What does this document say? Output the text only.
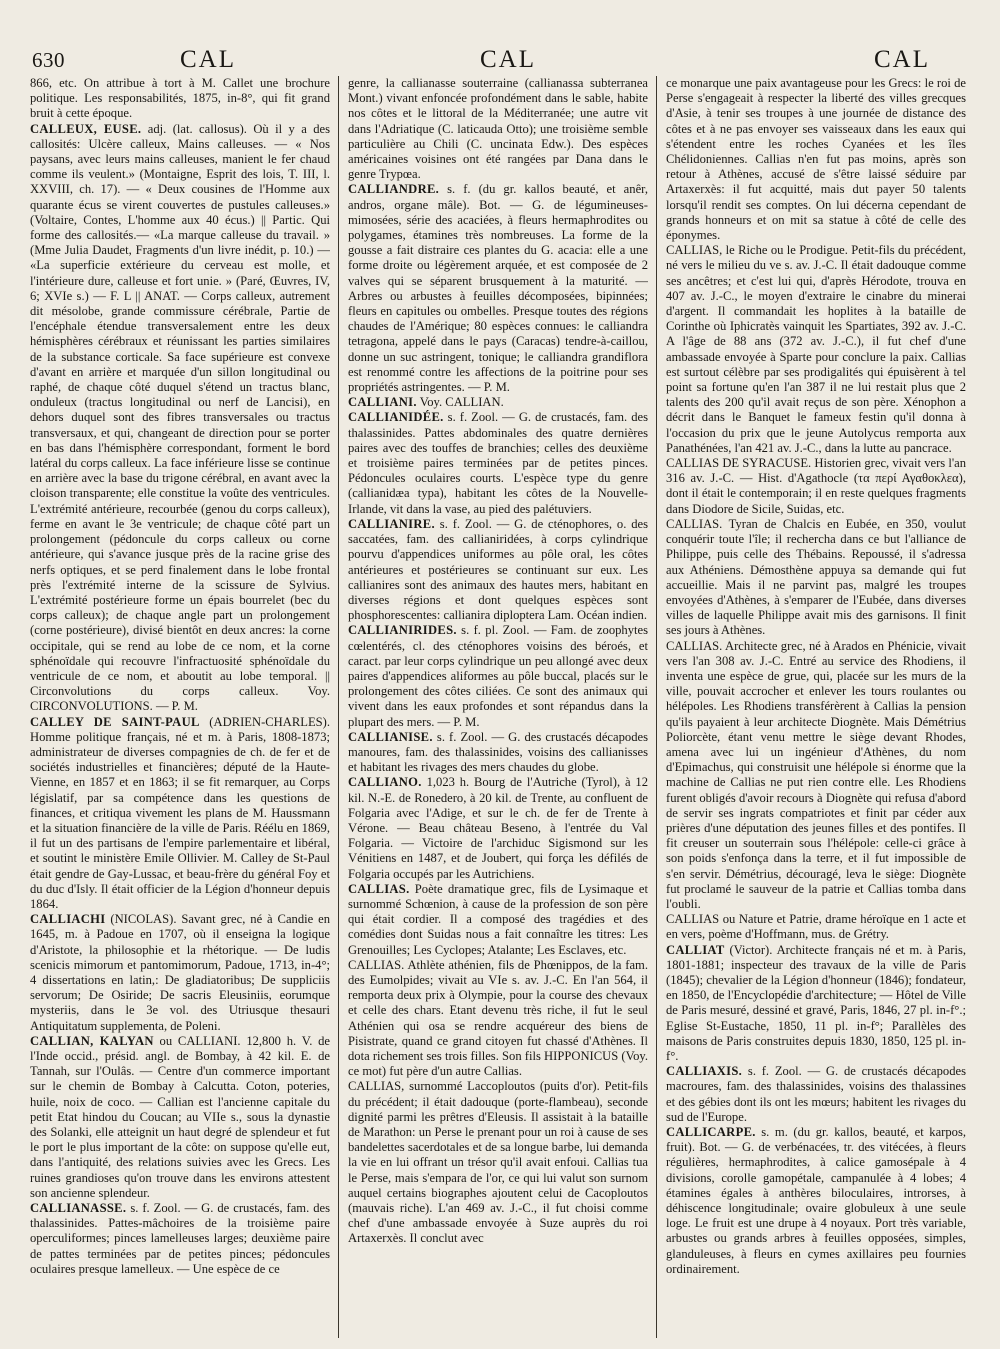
630	CAL	CAL	CAL

866, etc. On attribue à tort à M. Callet une brochure politique. Les responsabilités, 1875, in-8°, qui fit grand bruit à cette époque.

CALLEUX, EUSE. adj. (lat. callosus). Où il y a des callosités: Ulcère calleux, Mains calleuses. — « Nos paysans, avec leurs mains calleuses, manient le fer chaud comme ils veulent.» (Montaigne, Esprit des lois, T. III, l. XXVIII, ch. 17). — « Deux cousines de l'Homme aux quarante écus se virent couvertes de pustules calleuses.» (Voltaire, Contes, L'homme aux 40 écus.) || Partic. Qui forme des callosités.— «La marque calleuse du travail. » (Mme Julia Daudet, Fragments d'un livre inédit, p. 10.) — «La superficie extérieure du cerveau est molle, et l'intérieure dure, calleuse et fort unie. » (Paré, Œuvres, IV, 6; XVIe s.) — F. L || ANAT. — Corps calleux, autrement dit mésolobe, grande commissure cérébrale, Partie de l'encéphale étendue transversalement entre les deux hémisphères cérébraux et réunissant les parties similaires de la substance corticale. Sa face supérieure est convexe d'avant en arrière et marquée d'un sillon longitudinal ou raphé, de chaque côté duquel s'étend un tractus blanc, onduleux (tractus longitudinal ou nerf de Lancisi), en dehors duquel sont des fibres transversales ou tractus transversaux, et qui, changeant de direction pour se porter en bas dans l'hémisphère correspondant, forment le bord latéral du corps calleux. La face inférieure lisse se continue en arrière avec la base du trigone cérébral, en avant avec la cloison transparente; elle constitue la voûte des ventricules. L'extrémité antérieure, recourbée (genou du corps calleux), ferme en avant le 3e ventricule; de chaque côté part un prolongement (pédoncule du corps calleux ou corne antérieure, qui s'avance jusque près de la racine grise des nerfs optiques, et se perd finalement dans le lobe frontal près l'extrémité interne de la scissure de Sylvius. L'extrémité postérieure forme un épais bourrelet (bec du corps calleux); de chaque angle part un prolongement (corne postérieure), divisé bientôt en deux ancres: la corne occipitale, qui se rend au lobe de ce nom, et la corne sphénoïdale qui recouvre l'infractuosité sphénoïdale du ventricule de ce nom, et aboutit au lobe temporal. || Circonvolutions du corps calleux. Voy. CIRCONVOLUTIONS. — P. M.

CALLEY DE SAINT-PAUL (ADRIEN-CHARLES). Homme politique français, né et m. à Paris, 1808-1873; administrateur de diverses compagnies de ch. de fer et de sociétés industrielles et financières; député de la Haute-Vienne, en 1857 et en 1863; il se fit remarquer, au Corps législatif, par sa compétence dans les questions de finances, et critiqua vivement les plans de M. Haussmann et la situation financière de la ville de Paris. Réélu en 1869, il fut un des partisans de l'empire parlementaire et libéral, et soutint le ministère Emile Ollivier. M. Calley de St-Paul était gendre de Gay-Lussac, et beau-frère du général Foy et du duc d'Isly. Il était officier de la Légion d'honneur depuis 1864.

CALLIACHI (NICOLAS). Savant grec, né à Candie en 1645, m. à Padoue en 1707, où il enseigna la logique d'Aristote, la philosophie et la rhétorique. — De ludis scenicis mimorum et pantomimorum, Padoue, 1713, in-4°; 4 dissertations en latin,: De gladiatoribus; De suppliciis servorum; De Osiride; De sacris Eleusiniis, eorumque mysteriis, dans le 3e vol. des Utriusque thesauri Antiquitatum supplementa, de Poleni.

CALLIAN, KALYAN ou CALLIANI. 12,800 h. V. de l'Inde occid., présid. angl. de Bombay, à 42 kil. E. de Tannah, sur l'Oulâs. — Centre d'un commerce important sur le chemin de Bombay à Calcutta. Coton, poteries, huile, noix de coco. — Callian est l'ancienne capitale du petit Etat hindou du Coucan; au VIIe s., sous la dynastie des Solanki, elle atteignit un haut degré de splendeur et fut le port le plus important de la côte: on suppose qu'elle eut, dans l'antiquité, des relations suivies avec les Grecs. Les ruines grandioses qu'on trouve dans les environs attestent son ancienne splendeur.

CALLIANASSE. s. f. Zool. — G. de crustacés, fam. des thalassinides. Pattes-mâchoires de la troisième paire operculiformes; pinces lamelleuses larges; deuxième paire de pattes terminées par de petites pinces; pédoncules oculaires presque lamelleux. — Une espèce de ce

genre, la callianasse souterraine (callianassa subterranea Mont.) vivant enfoncée profondément dans le sable, habite nos côtes et le littoral de la Méditerranée; une autre vit dans l'Adriatique (C. laticauda Otto); une troisième semble particulière au Chili (C. uncinata Edw.). Des espèces américaines voisines ont été rangées par Dana dans le genre Trypœa.

CALLIANDRE. s. f. (du gr. kallos beauté, et anêr, andros, organe mâle). Bot. — G. de légumineuses-mimosées, série des acaciées, à fleurs hermaphrodites ou polygames, étamines très nombreuses. La forme de la gousse a fait distraire ces plantes du G. acacia: elle a une forme droite ou légèrement arquée, et est composée de 2 valves qui se séparent brusquement à la maturité. — Arbres ou arbustes à feuilles décomposées, bipinnées; fleurs en capitules ou ombelles. Presque toutes des régions chaudes de l'Amérique; 80 espèces connues: le calliandra tetragona, appelé dans le pays (Caracas) tendre-à-caillou, donne un suc astringent, tonique; le calliandra grandiflora est renommé contre les affections de la poitrine pour ses propriétés astringentes. — P. M.

CALLIANI. Voy. CALLIAN.

CALLIANIDÉE. s. f. Zool. — G. de crustacés, fam. des thalassinides. Pattes abdominales des quatre dernières paires avec des touffes de branchies; celles des deuxième et troisième paires terminées par de petites pinces. Pédoncules oculaires courts. L'espèce type du genre (callianidæa typa), habitant les côtes de la Nouvelle-Irlande, vit dans la vase, au pied des palétuviers.

CALLIANIRE. s. f. Zool. — G. de cténophores, o. des saccatées, fam. des callianiridées, à corps cylindrique pourvu d'appendices uniformes au pôle oral, les côtes antérieures et postérieures se continuant sur eux. Les callianires sont des animaux des hautes mers, habitant en diverses régions et dont quelques espèces sont phosphorescentes: callianira diploptera Lam. Océan indien.

CALLIANIRIDES. s. f. pl. Zool. — Fam. de zoophytes cœlentérés, cl. des cténophores voisins des béroés, et caract. par leur corps cylindrique un peu allongé avec deux paires d'appendices aliformes au pôle buccal, placés sur le prolongement des côtes ciliées. Ce sont des animaux qui vivent dans les eaux profondes et sont répandus dans la plupart des mers. — P. M.

CALLIANISE. s. f. Zool. — G. des crustacés décapodes manoures, fam. des thalassinides, voisins des callianisses et habitant les rivages des mers chaudes du globe.

CALLIANO. 1,023 h. Bourg de l'Autriche (Tyrol), à 12 kil. N.-E. de Ronedero, à 20 kil. de Trente, au confluent de Folgaria avec l'Adige, et sur le ch. de fer de Trente à Vérone. — Beau château Beseno, à l'entrée du Val Folgaria. — Victoire de l'archiduc Sigismond sur les Vénitiens en 1487, et de Joubert, qui força les défilés de Folgaria occupés par les Autrichiens.

CALLIAS. Poète dramatique grec, fils de Lysimaque et surnommé Schœnion, à cause de la profession de son père qui était cordier. Il a composé des tragédies et des comédies dont Suidas nous a fait connaître les titres: Les Grenouilles; Les Cyclopes; Atalante; Les Esclaves, etc.

CALLIAS. Athlète athénien, fils de Phœnippos, de la fam. des Eumolpides; vivait au VIe s. av. J.-C. En l'an 564, il remporta deux prix à Olympie, pour la course des chevaux et celle des chars. Etant devenu très riche, il fut le seul Athénien qui osa se rendre acquéreur des biens de Pisistrate, quand ce grand citoyen fut chassé d'Athènes. Il dota richement ses trois filles. Son fils HIPPONICUS (Voy. ce mot) fut père d'un autre Callias.

CALLIAS, surnommé Laccoploutos (puits d'or). Petit-fils du précédent; il était dadouque (porte-flambeau), seconde dignité parmi les prêtres d'Eleusis. Il assistait à la bataille de Marathon: un Perse le prenant pour un roi à cause de ses bandelettes sacerdotales et de sa longue barbe, lui demanda la vie en lui offrant un trésor qu'il avait enfoui. Callias tua le Perse, mais s'empara de l'or, ce qui lui valut son surnom auquel certains biographes ajoutent celui de Cacoploutos (mauvais riche). L'an 469 av. J.-C., il fut choisi comme chef d'une ambassade envoyée à Suze auprès du roi Artaxerxès. Il conclut avec

ce monarque une paix avantageuse pour les Grecs: le roi de Perse s'engageait à respecter la liberté des villes grecques d'Asie, à tenir ses troupes à une journée de distance des côtes et à ne pas envoyer ses vaisseaux dans les eaux qui s'étendent entre les roches Cyanées et les îles Chélidoniennes. Callias n'en fut pas moins, après son retour à Athènes, accusé de s'être laissé séduire par Artaxerxès: il fut acquitté, mais dut payer 50 talents lorsqu'il rendit ses comptes. On lui décerna cependant de grands honneurs et on mit sa statue à côté de celle des éponymes.

CALLIAS, le Riche ou le Prodigue. Petit-fils du précédent, né vers le milieu du ve s. av. J.-C. Il était dadouque comme ses ancêtres; et c'est lui qui, d'après Hérodote, trouva en 407 av. J.-C., le moyen d'extraire le cinabre du minerai d'argent. Il commandait les hoplites à la bataille de Corinthe où Iphicratès vainquit les Spartiates, 392 av. J.-C. A l'âge de 88 ans (372 av. J.-C.), il fut chef d'une ambassade envoyée à Sparte pour conclure la paix. Callias est surtout célèbre par ses prodigalités qui épuisèrent à tel point sa fortune qu'en l'an 387 il ne lui restait plus que 2 talents des 200 qu'il avait reçus de son père. Xénophon a décrit dans le Banquet le fameux festin qu'il donna à l'occasion du prix que le jeune Autolycus remporta aux Panathénées, l'an 421 av. J.-C., dans la lutte au pancrace.

CALLIAS DE SYRACUSE. Historien grec, vivait vers l'an 316 av. J.-C. — Hist. d'Agathocle (τα περί Αγαθοκλεα), dont il était le contemporain; il en reste quelques fragments dans Diodore de Sicile, Suidas, etc.

CALLIAS. Tyran de Chalcis en Eubée, en 350, voulut conquérir toute l'île; il rechercha dans ce but l'alliance de Philippe, puis celle des Thébains. Repoussé, il s'adressa aux Athéniens. Démosthène appuya sa demande qui fut accueillie. Mais il ne parvint pas, malgré les troupes envoyées d'Athènes, à s'emparer de l'Eubée, dans diverses villes de laquelle Philippe avait mis des garnisons. Il finit ses jours à Athènes.

CALLIAS. Architecte grec, né à Arados en Phénicie, vivait vers l'an 308 av. J.-C. Entré au service des Rhodiens, il inventa une espèce de grue, qui, placée sur les murs de la ville, pouvait accrocher et enlever les tours roulantes ou hélépoles. Les Rhodiens transférèrent à Callias la pension qu'ils payaient à leur architecte Diognète. Mais Démétrius Poliorcète, étant venu mettre le siège devant Rhodes, amena avec lui un ingénieur d'Athènes, du nom d'Epimachus, qui construisit une hélépole si énorme que la machine de Callias ne put rien contre elle. Les Rhodiens furent obligés d'avoir recours à Diognète qui refusa d'abord de servir ses ingrats compatriotes et finit par céder aux prières d'une députation des jeunes filles et des pontifes. Il fit creuser un souterrain sous l'hélépole: celle-ci grâce à son poids s'enfonça dans la terre, et il fut impossible de s'en servir. Démétrius, découragé, leva le siège: Diognète fut proclamé le sauveur de la patrie et Callias tomba dans l'oubli.

CALLIAS ou Nature et Patrie, drame héroïque en 1 acte et en vers, poème d'Hoffmann, mus. de Grétry.

CALLIAT (Victor). Architecte français né et m. à Paris, 1801-1881; inspecteur des travaux de la ville de Paris (1845); chevalier de la Légion d'honneur (1846); fondateur, en 1850, de l'Encyclopédie d'architecture; — Hôtel de Ville de Paris mesuré, dessiné et gravé, Paris, 1846, 27 pl. in-f°.; Eglise St-Eustache, 1850, 11 pl. in-f°; Parallèles des maisons de Paris construites depuis 1830, 1850, 125 pl. in-f°.

CALLIAXIS. s. f. Zool. — G. de crustacés décapodes macroures, fam. des thalassinides, voisins des thalassines et des gébies dont ils ont les mœurs; habitent les rivages du sud de l'Europe.

CALLICARPE. s. m. (du gr. kallos, beauté, et karpos, fruit). Bot. — G. de verbénacées, tr. des vitécées, à fleurs régulières, hermaphrodites, à calice gamosépale à 4 divisions, corolle gamopétale, campanulée à 4 lobes; 4 étamines égales à anthères biloculaires, introrses, à déhiscence longitudinale; ovaire globuleux à une seule loge. Le fruit est une drupe à 4 noyaux. Port très variable, arbustes ou grands arbres à feuilles opposées, simples, glanduleuses, à fleurs en cymes axillaires peu fournies ordinairement.
